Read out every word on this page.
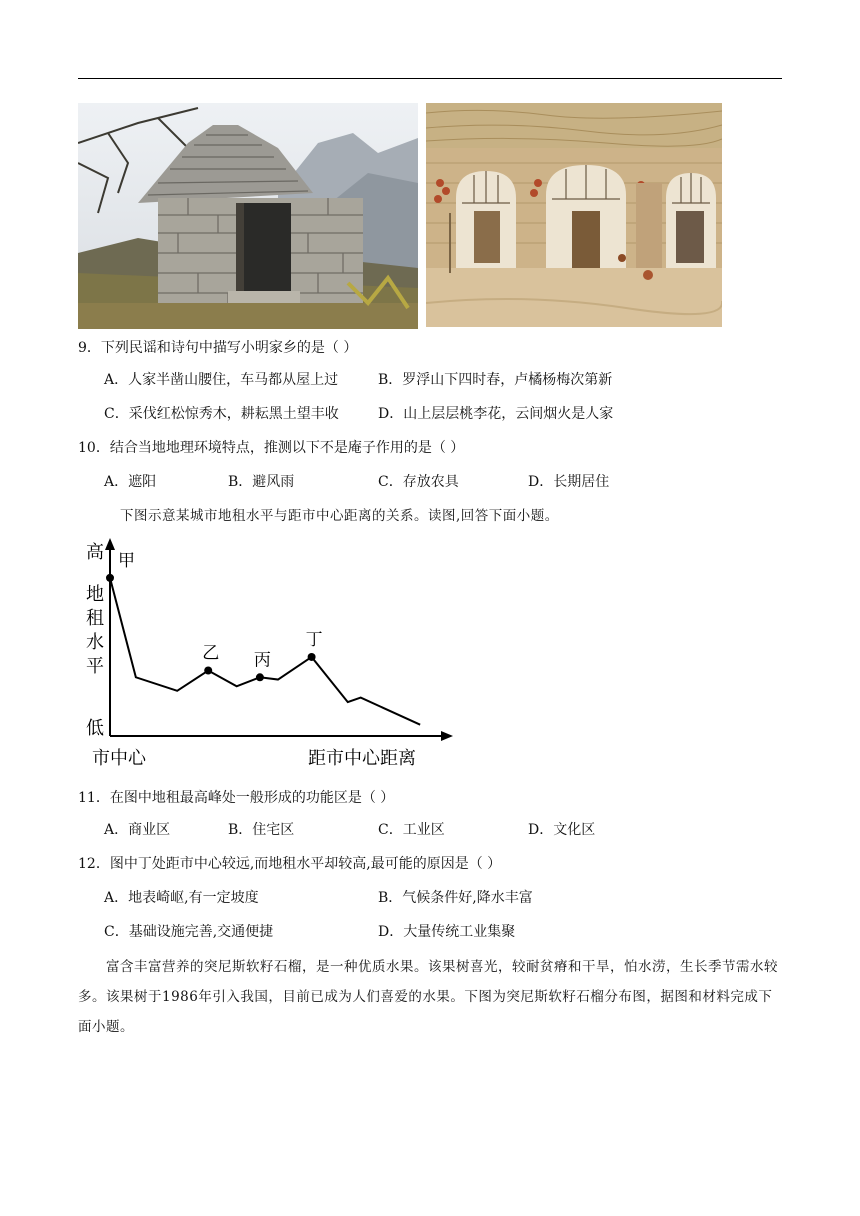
9．下列民谣和诗句中描写小明家乡的是（ ）
A．人家半凿山腰住，车马都从屋上过	B．罗浮山下四时春，卢橘杨梅次第新
C．采伐红松惊秀木，耕耘黑土望丰收	D．山上层层桃李花，云间烟火是人家
10．结合当地地理环境特点，推测以下不是庵子作用的是（ ）
A．遮阳	B．避风雨	C．存放农具	D．长期居住
下图示意某城市地租水平与距市中心距离的关系。读图,回答下面小题。
高
地租水平
低
市中心	距市中心距离
甲
乙 丙
丁
11．在图中地租最高峰处一般形成的功能区是（ ）
A．商业区	B．住宅区	C．工业区	D．文化区
12．图中丁处距市中心较远,而地租水平却较高,最可能的原因是（ ）
A．地表崎岖,有一定坡度	B．气候条件好,降水丰富
C．基础设施完善,交通便捷	D．大量传统工业集聚

富含丰富营养的突尼斯软籽石榴，是一种优质水果。该果树喜光，较耐贫瘠和干旱，怕水涝，生长季节需水较多。该果树于1986年引入我国，目前已成为人们喜爱的水果。下图为突尼斯软籽石榴分布图，据图和材料完成下面小题。
